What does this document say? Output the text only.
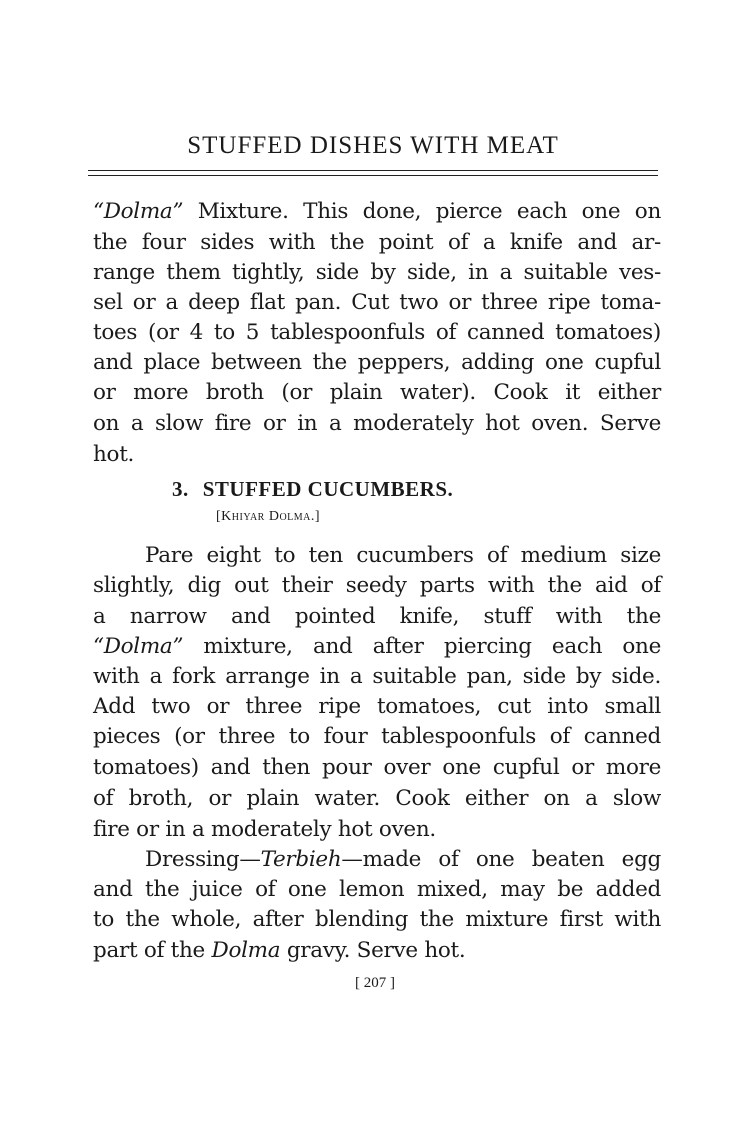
STUFFED DISHES WITH MEAT
“Dolma” Mixture. This done, pierce each one on
the four sides with the point of a knife and ar-
range them tightly, side by side, in a suitable ves-
sel or a deep flat pan. Cut two or three ripe toma-
toes (or 4 to 5 tablespoonfuls of canned tomatoes)
and place between the peppers, adding one cupful
or more broth (or plain water). Cook it either
on a slow fire or in a moderately hot oven. Serve
hot.
3. STUFFED CUCUMBERS.
[Khiyar Dolma.]
Pare eight to ten cucumbers of medium size
slightly, dig out their seedy parts with the aid of
a narrow and pointed knife, stuff with the
“Dolma” mixture, and after piercing each one
with a fork arrange in a suitable pan, side by side.
Add two or three ripe tomatoes, cut into small
pieces (or three to four tablespoonfuls of canned
tomatoes) and then pour over one cupful or more
of broth, or plain water. Cook either on a slow
fire or in a moderately hot oven.
Dressing—Terbieh—made of one beaten egg
and the juice of one lemon mixed, may be added
to the whole, after blending the mixture first with
part of the Dolma gravy. Serve hot.
[ 207 ]
